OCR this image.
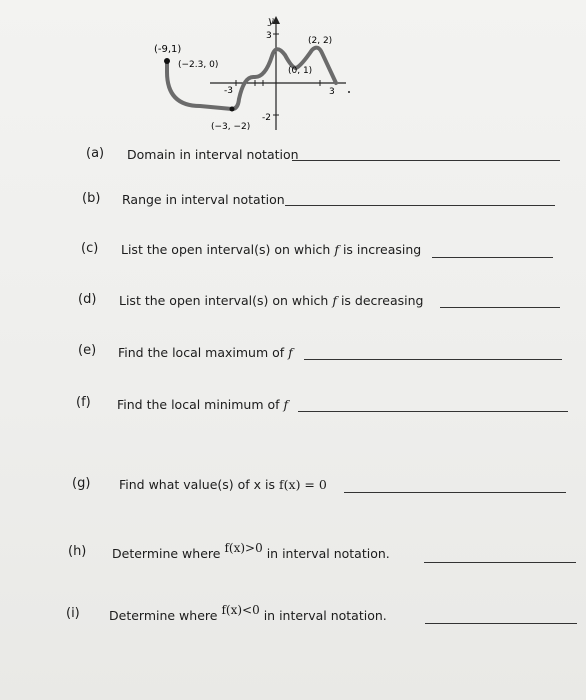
y
3
-2
-3	3
(-9,1)
(−2.3, 0)
(2, 2)
(0, 1)
(−3, −2)
(a) Domain in interval notation
(b) Range in interval notation
(c) List the open interval(s) on which f is increasing
(d) List the open interval(s) on which f is decreasing
(e) Find the local maximum of f
(f) Find the local minimum of f
(g) Find what value(s) of x is f(x) = 0
(h) Determine where f(x)>0 in interval notation.
(i) Determine where f(x)<0 in interval notation.
